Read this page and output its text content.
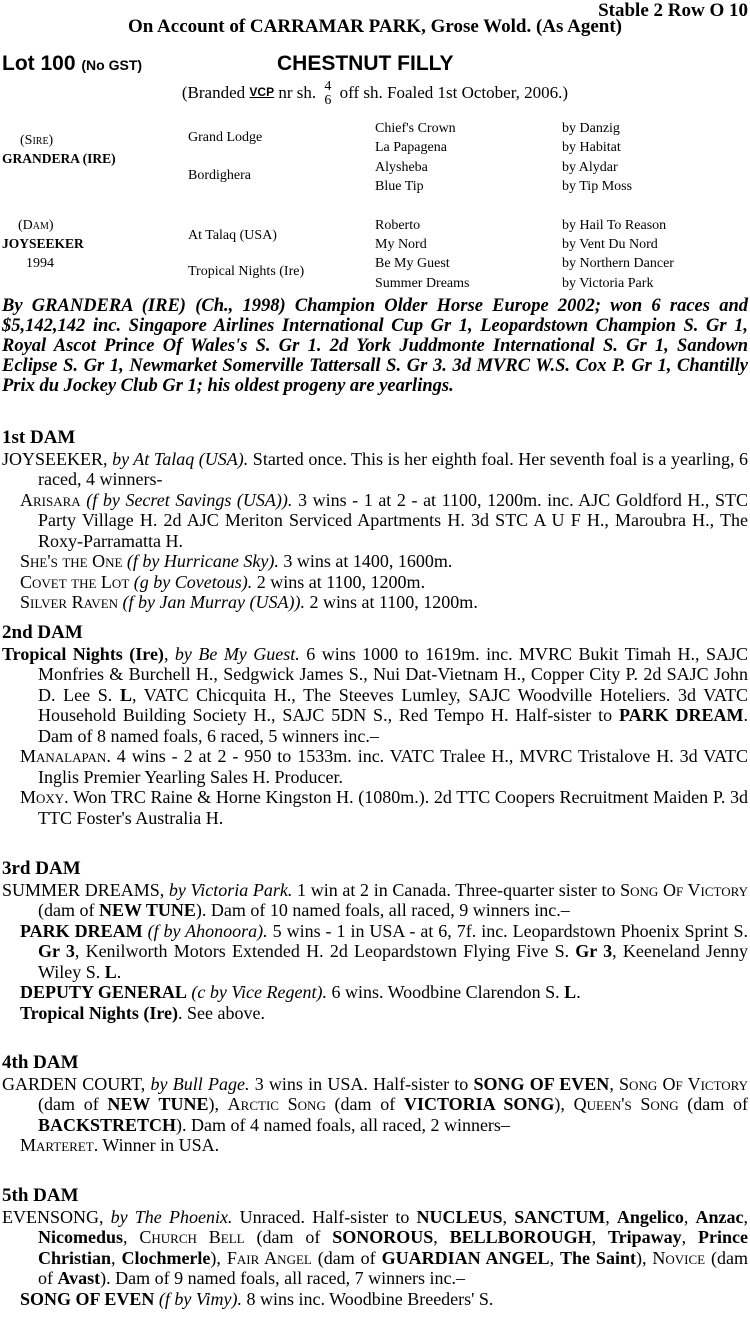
Stable 2 Row O 10
On Account of CARRAMAR PARK, Grose Wold. (As Agent)
Lot 100 (No GST)	CHESTNUT FILLY
(Branded VCP nr sh. 4
6 off sh. Foaled 1st October, 2006.)
(Sire)
GRANDERA (IRE)
(Dam)
JOYSEEKER
1994
Grand Lodge
Bordighera
At Talaq (USA)
Tropical Nights (Ire)
Chief's Crown
La Papagena
Alysheba
Blue Tip
Roberto
My Nord
Be My Guest
Summer Dreams
by Danzig
by Habitat
by Alydar
by Tip Moss
by Hail To Reason
by Vent Du Nord
by Northern Dancer
by Victoria Park
By GRANDERA (IRE) (Ch., 1998) Champion Older Horse Europe 2002; won 6 races and $5,142,142 inc. Singapore Airlines International Cup Gr 1, Leopardstown Champion S. Gr 1, Royal Ascot Prince Of Wales's S. Gr 1. 2d York Juddmonte International S. Gr 1, Sandown Eclipse S. Gr 1, Newmarket Somerville Tattersall S. Gr 3. 3d MVRC W.S. Cox P. Gr 1, Chantilly Prix du Jockey Club Gr 1; his oldest progeny are yearlings.

1st DAM

JOYSEEKER, by At Talaq (USA). Started once. This is her eighth foal. Her seventh foal is a yearling, 6 raced, 4 winners-

Arisara (f by Secret Savings (USA)). 3 wins - 1 at 2 - at 1100, 1200m. inc. AJC Goldford H., STC Party Village H. 2d AJC Meriton Serviced Apartments H. 3d STC A U F H., Maroubra H., The Roxy-Parramatta H.

She's the One (f by Hurricane Sky). 3 wins at 1400, 1600m.

Covet the Lot (g by Covetous). 2 wins at 1100, 1200m.

Silver Raven (f by Jan Murray (USA)). 2 wins at 1100, 1200m.

2nd DAM

Tropical Nights (Ire), by Be My Guest. 6 wins 1000 to 1619m. inc. MVRC Bukit Timah H., SAJC Monfries & Burchell H., Sedgwick James S., Nui Dat-Vietnam H., Copper City P. 2d SAJC John D. Lee S. L, VATC Chicquita H., The Steeves Lumley, SAJC Woodville Hoteliers. 3d VATC Household Building Society H., SAJC 5DN S., Red Tempo H. Half-sister to PARK DREAM. Dam of 8 named foals, 6 raced, 5 winners inc.–

Manalapan. 4 wins - 2 at 2 - 950 to 1533m. inc. VATC Tralee H., MVRC Tristalove H. 3d VATC Inglis Premier Yearling Sales H. Producer.

Moxy. Won TRC Raine & Horne Kingston H. (1080m.). 2d TTC Coopers Recruitment Maiden P. 3d TTC Foster's Australia H.

3rd DAM

SUMMER DREAMS, by Victoria Park. 1 win at 2 in Canada. Three-quarter sister to Song Of Victory (dam of NEW TUNE). Dam of 10 named foals, all raced, 9 winners inc.–

PARK DREAM (f by Ahonoora). 5 wins - 1 in USA - at 6, 7f. inc. Leopardstown Phoenix Sprint S. Gr 3, Kenilworth Motors Extended H. 2d Leopardstown Flying Five S. Gr 3, Keeneland Jenny Wiley S. L.

DEPUTY GENERAL (c by Vice Regent). 6 wins. Woodbine Clarendon S. L.

Tropical Nights (Ire). See above.

4th DAM

GARDEN COURT, by Bull Page. 3 wins in USA. Half-sister to SONG OF EVEN, Song Of Victory (dam of NEW TUNE), Arctic Song (dam of VICTORIA SONG), Queen's Song (dam of BACKSTRETCH). Dam of 4 named foals, all raced, 2 winners–

Marteret. Winner in USA.

5th DAM

EVENSONG, by The Phoenix. Unraced. Half-sister to NUCLEUS, SANCTUM, Angelico, Anzac, Nicomedus, Church Bell (dam of SONOROUS, BELLBOROUGH, Tripaway, Prince Christian, Clochmerle), Fair Angel (dam of GUARDIAN ANGEL, The Saint), Novice (dam of Avast). Dam of 9 named foals, all raced, 7 winners inc.–

SONG OF EVEN (f by Vimy). 8 wins inc. Woodbine Breeders' S.
